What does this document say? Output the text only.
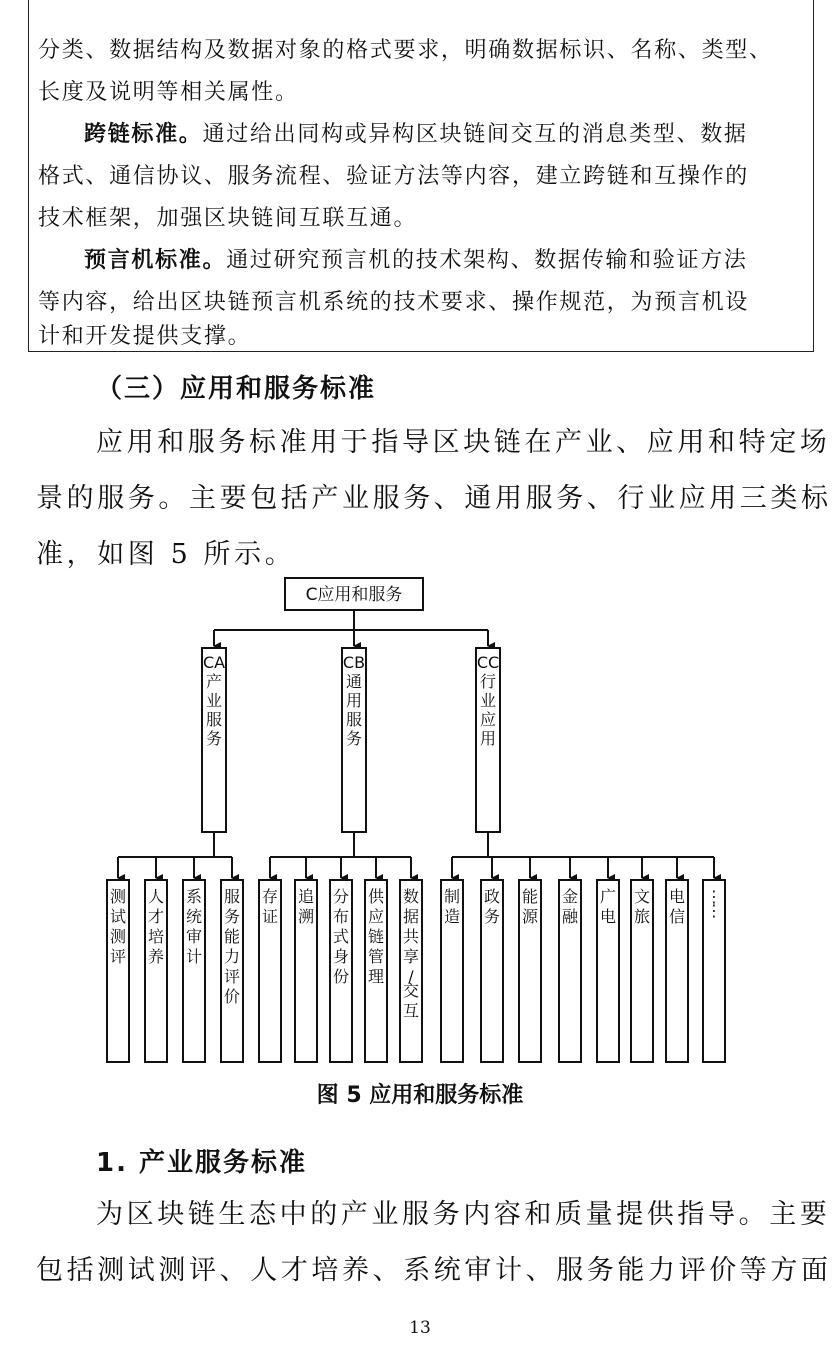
分类、数据结构及数据对象的格式要求，明确数据标识、名称、类型、
长度及说明等相关属性。
跨链标准。通过给出同构或异构区块链间交互的消息类型、数据
格式、通信协议、服务流程、验证方法等内容，建立跨链和互操作的
技术框架，加强区块链间互联互通。
预言机标准。通过研究预言机的技术架构、数据传输和验证方法
等内容，给出区块链预言机系统的技术要求、操作规范，为预言机设
计和开发提供支撑。
（三）应用和服务标准
应用和服务标准用于指导区块链在产业、应用和特定场
景的服务。主要包括产业服务、通用服务、行业应用三类标
准，如图 5 所示。
C应用和服务
CA 产业服务
测试测评
人才培养
系统审计
服务能力评价
CB 通用服务
存证
追溯
分布式身份
供应链管理
数据共享/交互
CC 行业应用
制造
政务
能源
金融
广电
文旅
电信
⋮ ⋮
图 5 应用和服务标准
1. 产业服务标准
为区块链生态中的产业服务内容和质量提供指导。主要
包括测试测评、人才培养、系统审计、服务能力评价等方面
13
